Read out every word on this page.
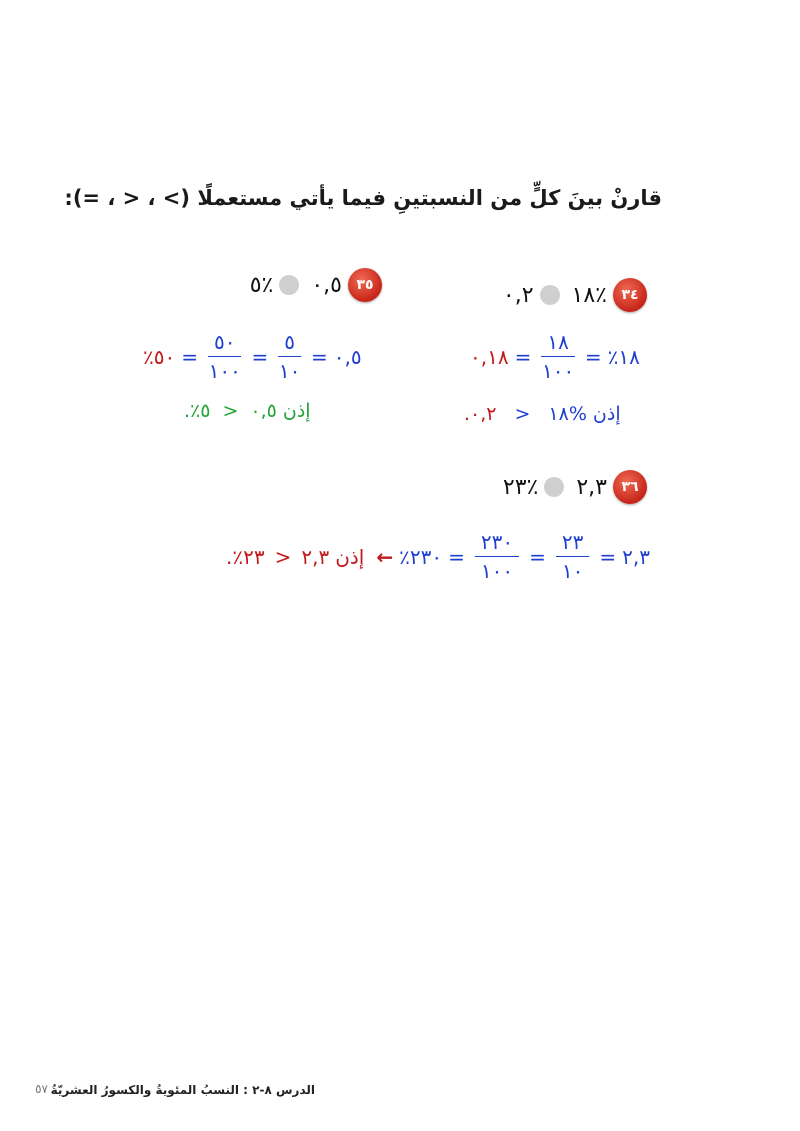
قارنْ بينَ كلٍّ من النسبتينِ فيما يأتي مستعملًا (> ، < ، =):
٣٤
٪١٨
٠,٢
٣٥
٠,٥
٪٥
٠,١٨ = $\frac{١٨}{١٠٠}$ = ٪١٨
٪٥٠ = $\frac{٥٠}{١٠٠} = \frac{٥}{١٠}$ = ٠,٥
. ٠,٢ > ١٨% إذن
. ٪٥ > ٠,٥ إذن
٣٦
٢,٣
٪٢٣
. ٪٢٣ > ٢,٣ إذن ← ٪٢٣٠ = $\frac{٢٣٠}{١٠٠} = \frac{٢٣}{١٠}$ = ٢,٣
الدرس ٨-٢ : النسبُ المئويةُ والكسورُ العشريّةُ
٥٧
